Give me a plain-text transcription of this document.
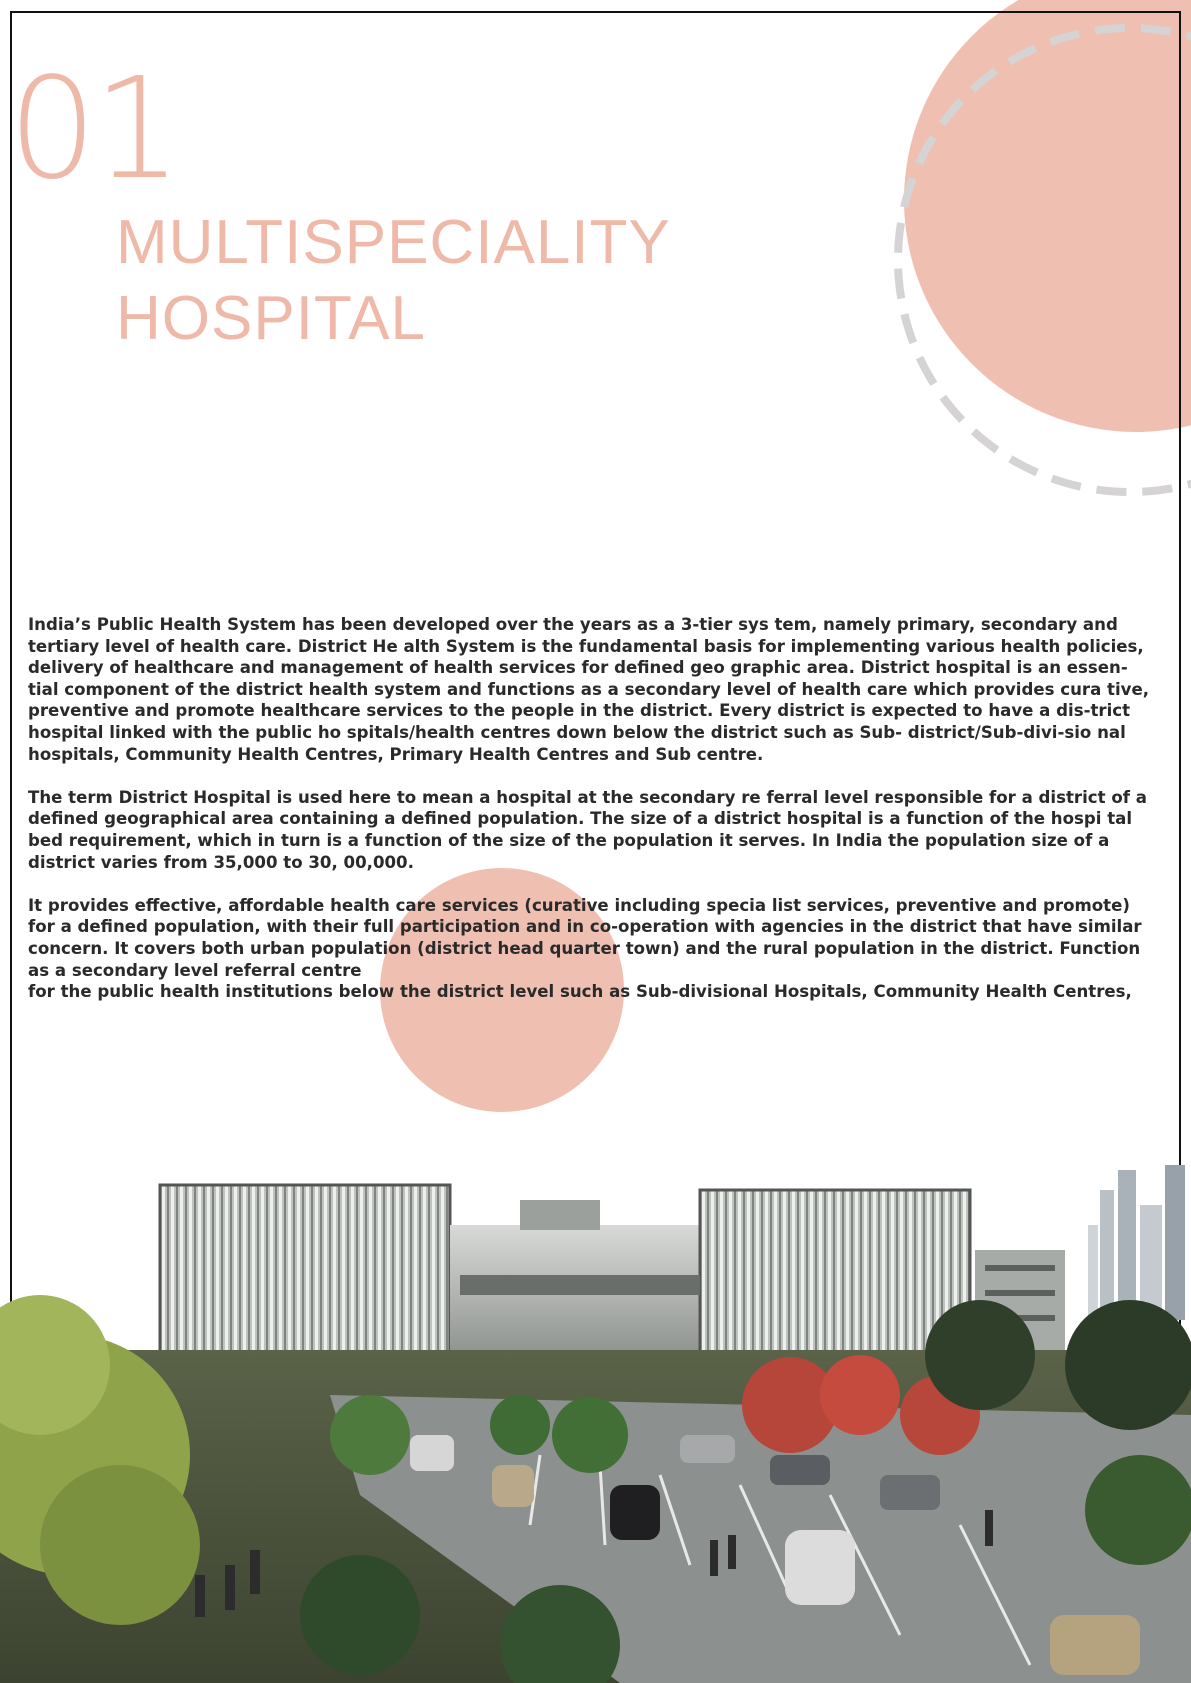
01
MULTISPECIALITY
HOSPITAL

India’s Public Health System has been developed over the years as a 3-tier sys tem, namely primary, secondary and tertiary level of health care. District He alth System is the fundamental basis for implementing various health policies, delivery of healthcare and management of health services for defined geo graphic area. District hospital is an essen-tial component of the district health system and functions as a secondary level of health care which provides cura tive, preventive and promote healthcare services to the people in the district. Every district is expected to have a dis-trict hospital linked with the public ho spitals/health centres down below the district such as Sub- district/Sub-divi-sio nal hospitals, Community Health Centres, Primary Health Centres and Sub centre.

The term District Hospital is used here to mean a hospital at the secondary re ferral level responsible for a district of a defined geographical area containing a defined population. The size of a district hospital is a function of the hospi tal bed requirement, which in turn is a function of the size of the population it serves. In India the population size of a district varies from 35,000 to 30, 00,000.

It provides effective, affordable health care services (curative including specia list services, preventive and promote) for a defined population, with their full participation and in co-operation with agencies in the district that have similar concern. It covers both urban population (district head quarter town) and the rural population in the district. Function as a secondary level referral centre
for the public health institutions below the district level such as Sub-divisional Hospitals, Community Health Centres,
